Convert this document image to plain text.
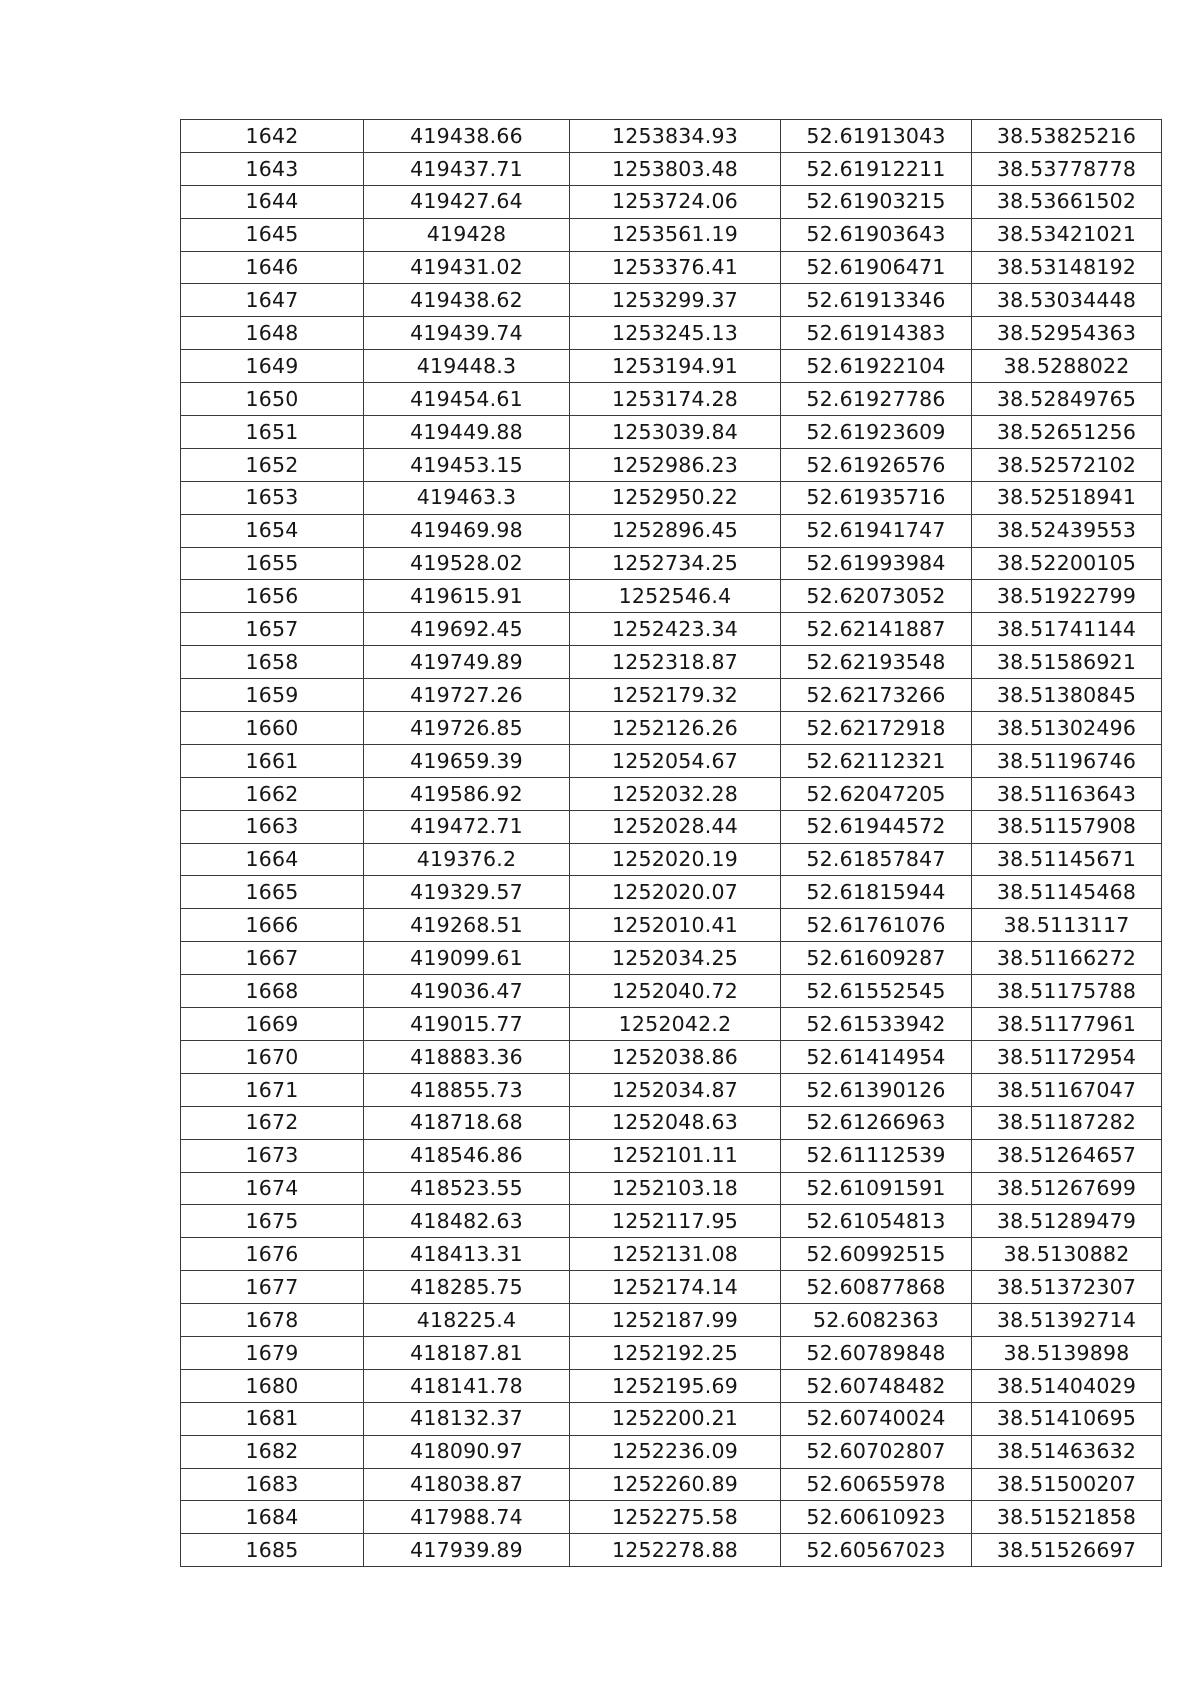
1642	419438.66	1253834.93	52.61913043	38.53825216
1643	419437.71	1253803.48	52.61912211	38.53778778
1644	419427.64	1253724.06	52.61903215	38.53661502
1645	419428	1253561.19	52.61903643	38.53421021
1646	419431.02	1253376.41	52.61906471	38.53148192
1647	419438.62	1253299.37	52.61913346	38.53034448
1648	419439.74	1253245.13	52.61914383	38.52954363
1649	419448.3	1253194.91	52.61922104	38.5288022
1650	419454.61	1253174.28	52.61927786	38.52849765
1651	419449.88	1253039.84	52.61923609	38.52651256
1652	419453.15	1252986.23	52.61926576	38.52572102
1653	419463.3	1252950.22	52.61935716	38.52518941
1654	419469.98	1252896.45	52.61941747	38.52439553
1655	419528.02	1252734.25	52.61993984	38.52200105
1656	419615.91	1252546.4	52.62073052	38.51922799
1657	419692.45	1252423.34	52.62141887	38.51741144
1658	419749.89	1252318.87	52.62193548	38.51586921
1659	419727.26	1252179.32	52.62173266	38.51380845
1660	419726.85	1252126.26	52.62172918	38.51302496
1661	419659.39	1252054.67	52.62112321	38.51196746
1662	419586.92	1252032.28	52.62047205	38.51163643
1663	419472.71	1252028.44	52.61944572	38.51157908
1664	419376.2	1252020.19	52.61857847	38.51145671
1665	419329.57	1252020.07	52.61815944	38.51145468
1666	419268.51	1252010.41	52.61761076	38.5113117
1667	419099.61	1252034.25	52.61609287	38.51166272
1668	419036.47	1252040.72	52.61552545	38.51175788
1669	419015.77	1252042.2	52.61533942	38.51177961
1670	418883.36	1252038.86	52.61414954	38.51172954
1671	418855.73	1252034.87	52.61390126	38.51167047
1672	418718.68	1252048.63	52.61266963	38.51187282
1673	418546.86	1252101.11	52.61112539	38.51264657
1674	418523.55	1252103.18	52.61091591	38.51267699
1675	418482.63	1252117.95	52.61054813	38.51289479
1676	418413.31	1252131.08	52.60992515	38.5130882
1677	418285.75	1252174.14	52.60877868	38.51372307
1678	418225.4	1252187.99	52.6082363	38.51392714
1679	418187.81	1252192.25	52.60789848	38.5139898
1680	418141.78	1252195.69	52.60748482	38.51404029
1681	418132.37	1252200.21	52.60740024	38.51410695
1682	418090.97	1252236.09	52.60702807	38.51463632
1683	418038.87	1252260.89	52.60655978	38.51500207
1684	417988.74	1252275.58	52.60610923	38.51521858
1685	417939.89	1252278.88	52.60567023	38.51526697
